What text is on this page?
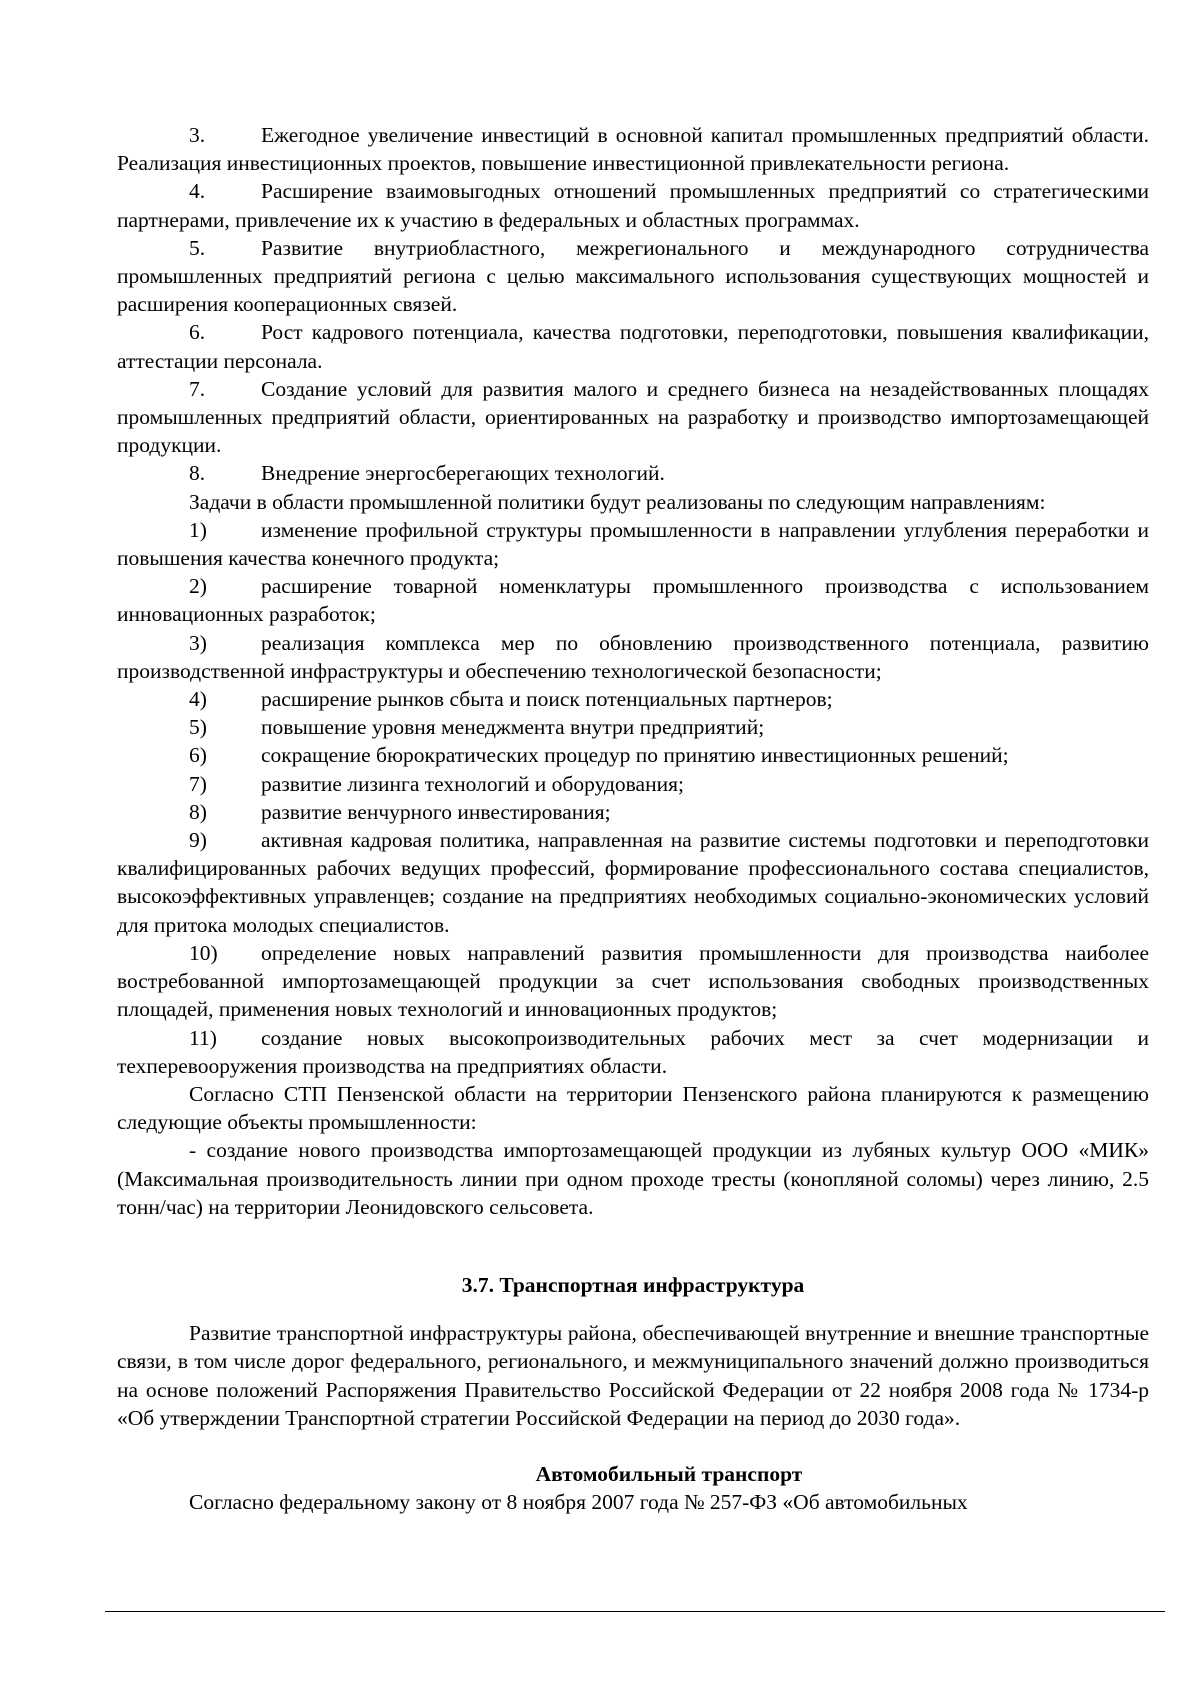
3.	Ежегодное увеличение инвестиций в основной капитал промышленных предприятий области. Реализация инвестиционных проектов, повышение инвестиционной привлекательности региона.

4.	Расширение взаимовыгодных отношений промышленных предприятий со стратегическими партнерами, привлечение их к участию в федеральных и областных программах.

5.	Развитие внутриобластного, межрегионального и международного сотрудничества промышленных предприятий региона с целью максимального использования существующих мощностей и расширения кооперационных связей.

6.	Рост кадрового потенциала, качества подготовки, переподготовки, повышения квалификации, аттестации персонала.

7.	Создание условий для развития малого и среднего бизнеса на незадействованных площадях промышленных предприятий области, ориентированных на разработку и производство импортозамещающей продукции.

8.	Внедрение энергосберегающих технологий.

Задачи в области промышленной политики будут реализованы по следующим направлениям:

1)	изменение профильной структуры промышленности в направлении углубления переработки и повышения качества конечного продукта;

2)	расширение товарной номенклатуры промышленного производства с использованием инновационных разработок;

3)	реализация комплекса мер по обновлению производственного потенциала, развитию производственной инфраструктуры и обеспечению технологической безопасности;

4)	расширение рынков сбыта и поиск потенциальных партнеров;

5)	повышение уровня менеджмента внутри предприятий;

6)	сокращение бюрократических процедур по принятию инвестиционных решений;

7)	развитие лизинга технологий и оборудования;

8)	развитие венчурного инвестирования;

9)	активная кадровая политика, направленная на развитие системы подготовки и переподготовки квалифицированных рабочих ведущих профессий, формирование профессионального состава специалистов, высокоэффективных управленцев; создание на предприятиях необходимых социально-экономических условий для притока молодых специалистов.

10) определение новых направлений развития промышленности для производства наиболее востребованной импортозамещающей продукции за счет использования свободных производственных площадей, применения новых технологий и инновационных продуктов;

11) создание новых высокопроизводительных рабочих мест за счет модернизации и техперевооружения производства на предприятиях области.

Согласно СТП Пензенской области на территории Пензенского района планируются к размещению следующие объекты промышленности:

- создание нового производства импортозамещающей продукции из лубяных культур ООО «МИК» (Максимальная производительность линии при одном проходе тресты (конопляной соломы) через линию, 2.5 тонн/час) на территории Леонидовского сельсовета.

3.7. Транспортная инфраструктура

Развитие транспортной инфраструктуры района, обеспечивающей внутренние и внешние транспортные связи, в том числе дорог федерального, регионального, и межмуниципального значений должно производиться на основе положений Распоряжения Правительство Российской Федерации от 22 ноября 2008 года № 1734-р «Об утверждении Транспортной стратегии Российской Федерации на период до 2030 года».

Автомобильный транспорт

Согласно федеральному закону от 8 ноября 2007 года № 257-ФЗ «Об автомобильных
